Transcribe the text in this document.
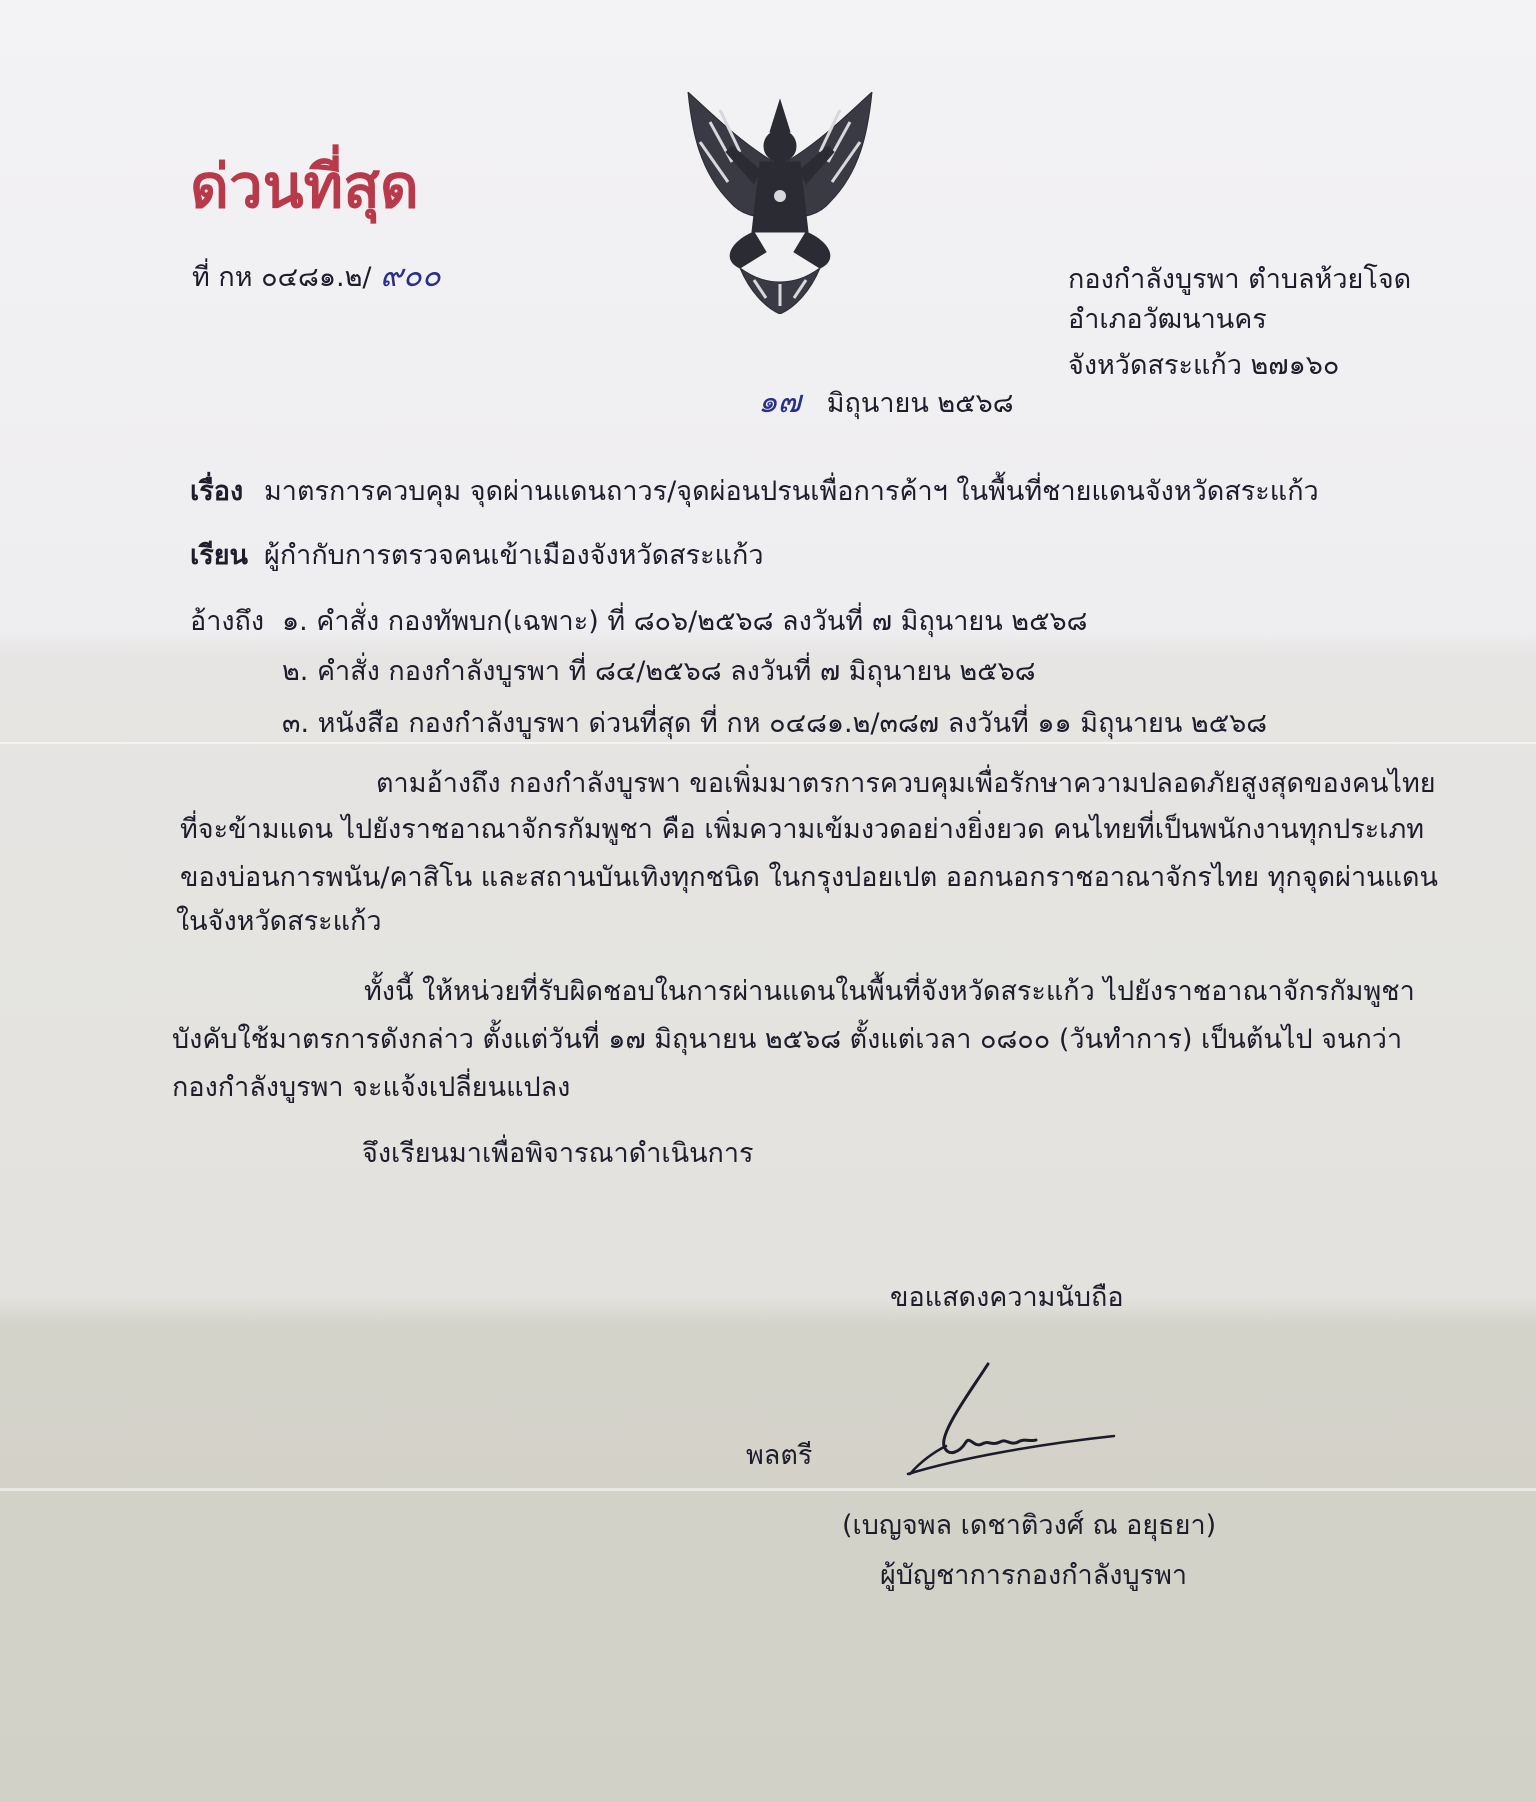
ด่วนที่สุด
ที่ กห ๐๔๘๑.๒/ ๙๐๐	กองกำลังบูรพา ตำบลห้วยโจด
อำเภอวัฒนานคร
จังหวัดสระแก้ว ๒๗๑๖๐
๑๗ มิถุนายน ๒๕๖๘
เรื่อง มาตรการควบคุม จุดผ่านแดนถาวร/จุดผ่อนปรนเพื่อการค้าฯ ในพื้นที่ชายแดนจังหวัดสระแก้ว
เรียน ผู้กำกับการตรวจคนเข้าเมืองจังหวัดสระแก้ว
อ้างถึง ๑. คำสั่ง กองทัพบก(เฉพาะ) ที่ ๘๐๖/๒๕๖๘ ลงวันที่ ๗ มิถุนายน ๒๕๖๘
๒. คำสั่ง กองกำลังบูรพา ที่ ๘๔/๒๕๖๘ ลงวันที่ ๗ มิถุนายน ๒๕๖๘
๓. หนังสือ กองกำลังบูรพา ด่วนที่สุด ที่ กห ๐๔๘๑.๒/๓๘๗ ลงวันที่ ๑๑ มิถุนายน ๒๕๖๘
ตามอ้างถึง กองกำลังบูรพา ขอเพิ่มมาตรการควบคุมเพื่อรักษาความปลอดภัยสูงสุดของคนไทย
ที่จะข้ามแดน ไปยังราชอาณาจักรกัมพูชา คือ เพิ่มความเข้มงวดอย่างยิ่งยวด คนไทยที่เป็นพนักงานทุกประเภท
ของบ่อนการพนัน/คาสิโน และสถานบันเทิงทุกชนิด ในกรุงปอยเปต ออกนอกราชอาณาจักรไทย ทุกจุดผ่านแดน
ในจังหวัดสระแก้ว
ทั้งนี้ ให้หน่วยที่รับผิดชอบในการผ่านแดนในพื้นที่จังหวัดสระแก้ว ไปยังราชอาณาจักรกัมพูชา
บังคับใช้มาตรการดังกล่าว ตั้งแต่วันที่ ๑๗ มิถุนายน ๒๕๖๘ ตั้งแต่เวลา ๐๘๐๐ (วันทำการ) เป็นต้นไป จนกว่า
กองกำลังบูรพา จะแจ้งเปลี่ยนแปลง
จึงเรียนมาเพื่อพิจารณาดำเนินการ
ขอแสดงความนับถือ
พลตรี
(เบญจพล เดชาติวงศ์ ณ อยุธยา)
ผู้บัญชาการกองกำลังบูรพา
